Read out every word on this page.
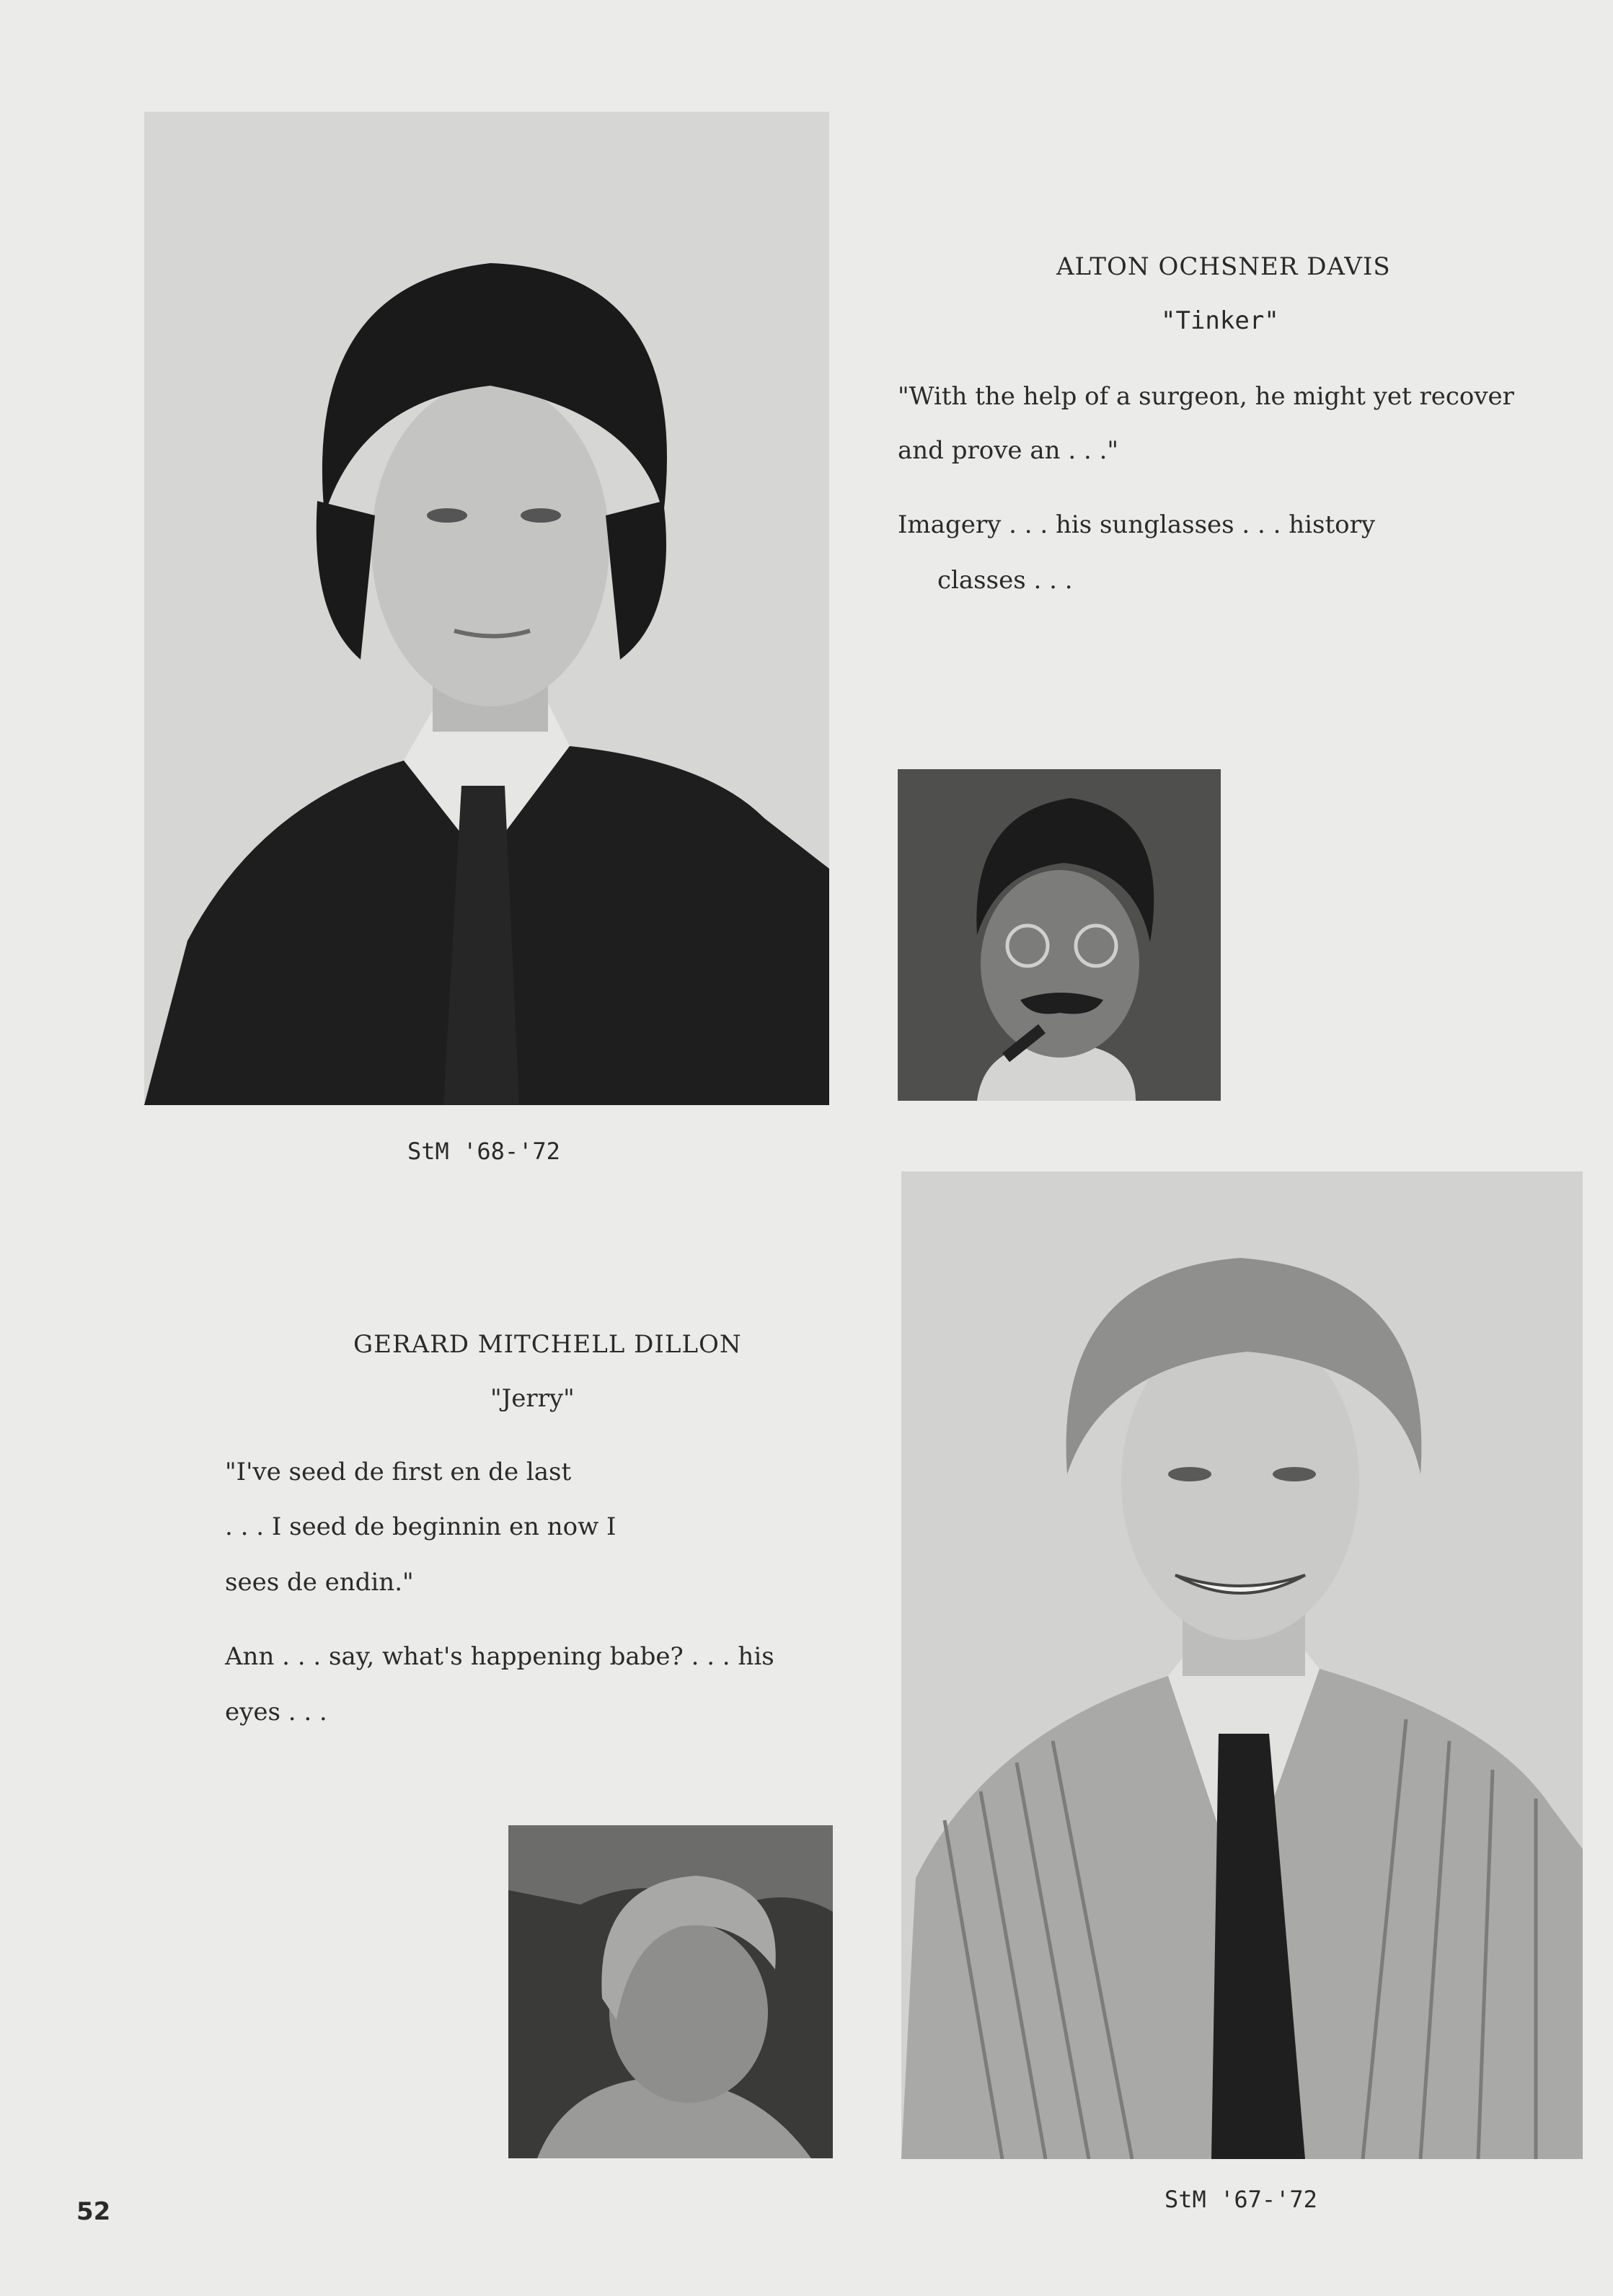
ALTON OCHSNER DAVIS
"Tinker"
"With the help of a surgeon, he might yet recover
and prove an . . ."
Imagery . . . his sunglasses . . . history
classes . . .
StM '68-'72
GERARD MITCHELL DILLON
"Jerry"
"I've seed de first en de last
. . . I seed de beginnin en now I
sees de endin."
Ann . . . say, what's happening babe? . . . his
eyes . . .
StM '67-'72
52
